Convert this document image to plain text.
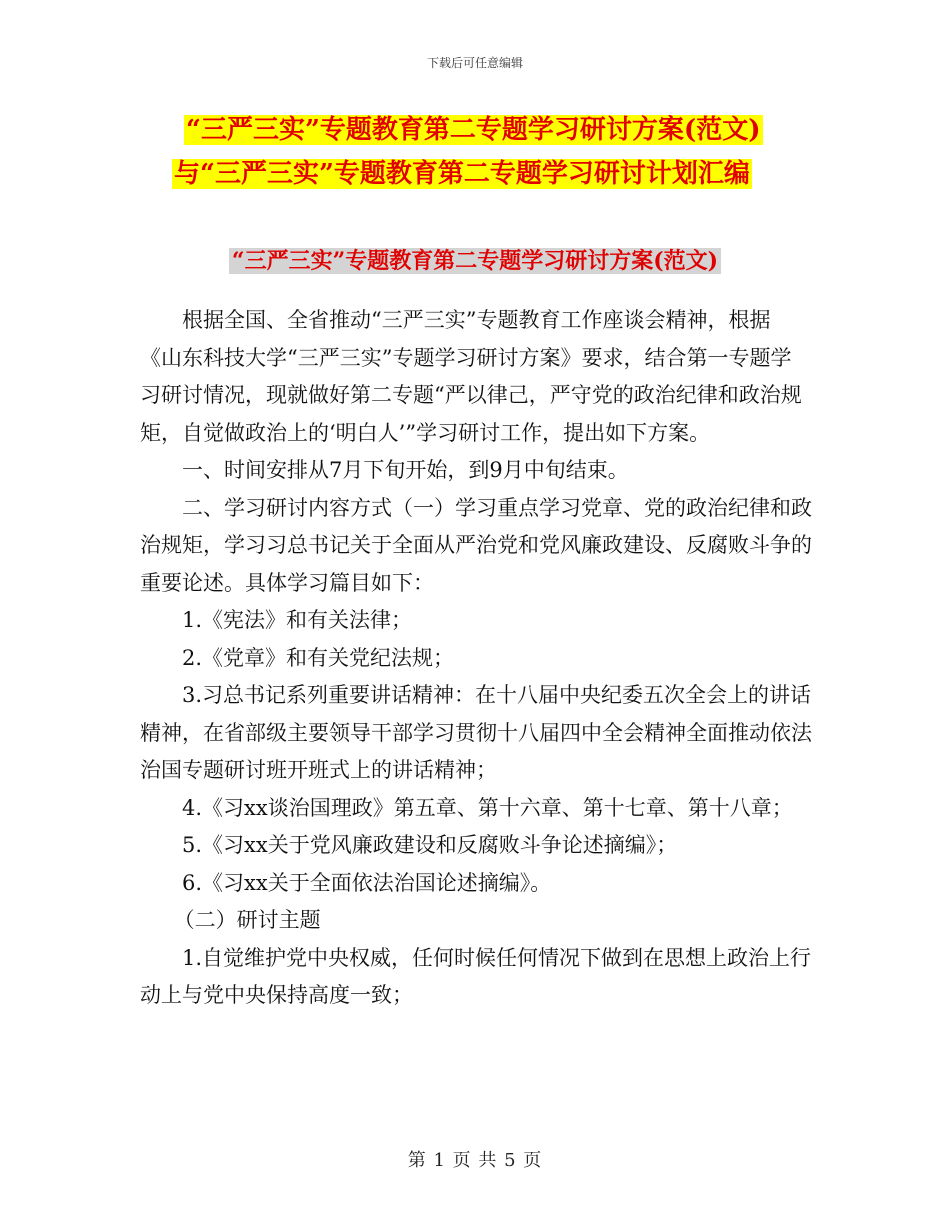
下载后可任意编辑
“三严三实”专题教育第二专题学习研讨方案(范文)
与“三严三实”专题教育第二专题学习研讨计划汇编
“三严三实”专题教育第二专题学习研讨方案(范文)

根据全国、全省推动“三严三实”专题教育工作座谈会精神，根据《山东科技大学“三严三实”专题学习研讨方案》要求，结合第一专题学习研讨情况，现就做好第二专题“严以律己，严守党的政治纪律和政治规矩，自觉做政治上的‘明白人’”学习研讨工作，提出如下方案。

一、时间安排从7月下旬开始，到9月中旬结束。

二、学习研讨内容方式（一）学习重点学习党章、党的政治纪律和政治规矩，学习习总书记关于全面从严治党和党风廉政建设、反腐败斗争的重要论述。具体学习篇目如下：

1.《宪法》和有关法律；

2.《党章》和有关党纪法规；

3.习总书记系列重要讲话精神：在十八届中央纪委五次全会上的讲话精神，在省部级主要领导干部学习贯彻十八届四中全会精神全面推动依法治国专题研讨班开班式上的讲话精神；

4.《习xx谈治国理政》第五章、第十六章、第十七章、第十八章；

5.《习xx关于党风廉政建设和反腐败斗争论述摘编》；

6.《习xx关于全面依法治国论述摘编》。

（二）研讨主题

1.自觉维护党中央权威，任何时候任何情况下做到在思想上政治上行动上与党中央保持高度一致；

第 1 页 共 5 页
